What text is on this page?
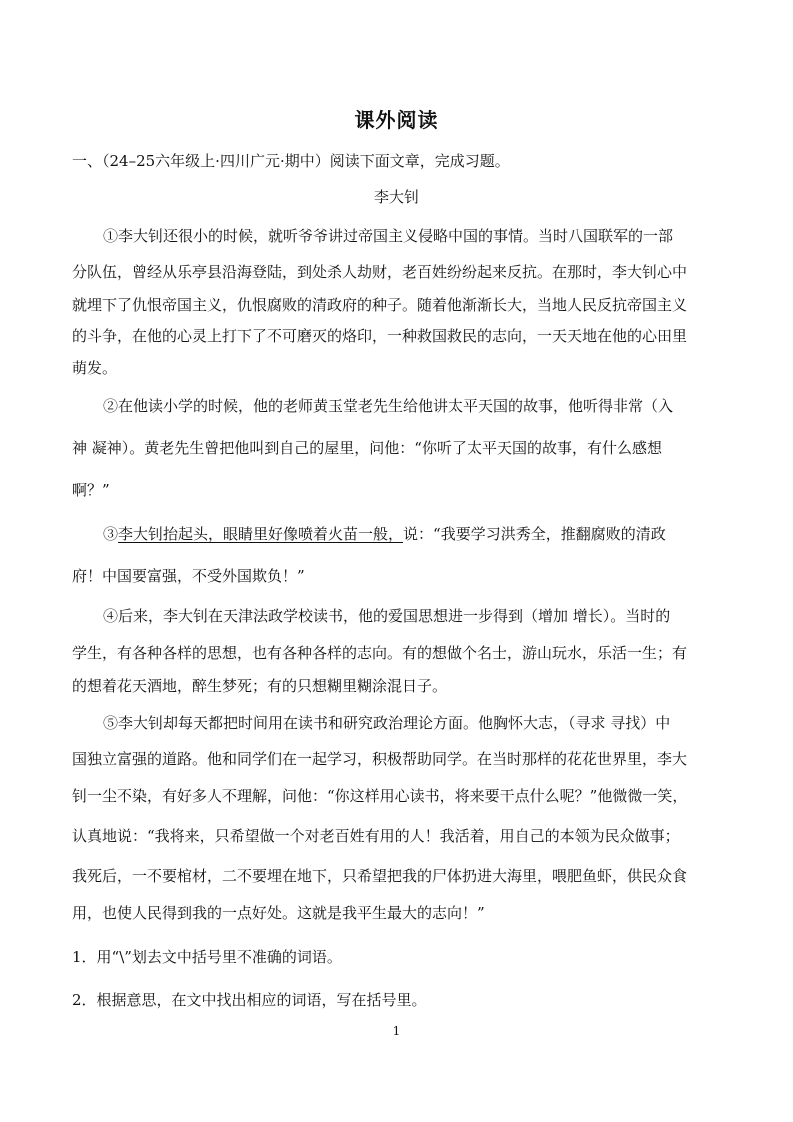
课外阅读
一、（24–25六年级上·四川广元·期中）阅读下面文章，完成习题。
李大钊
①李大钊还很小的时候，就听爷爷讲过帝国主义侵略中国的事情。当时八国联军的一部
分队伍，曾经从乐亭县沿海登陆，到处杀人劫财，老百姓纷纷起来反抗。在那时，李大钊心中
就埋下了仇恨帝国主义，仇恨腐败的清政府的种子。随着他渐渐长大，当地人民反抗帝国主义
的斗争，在他的心灵上打下了不可磨灭的烙印，一种救国救民的志向，一天天地在他的心田里
萌发。
②在他读小学的时候，他的老师黄玉堂老先生给他讲太平天国的故事，他听得非常（入
神 凝神）。黄老先生曾把他叫到自己的屋里，问他：“你听了太平天国的故事，有什么感想
啊？”
③李大钊抬起头，眼睛里好像喷着火苗一般，说：“我要学习洪秀全，推翻腐败的清政
府！中国要富强，不受外国欺负！”
④后来，李大钊在天津法政学校读书，他的爱国思想进一步得到（增加 增长）。当时的
学生，有各种各样的思想，也有各种各样的志向。有的想做个名士，游山玩水，乐活一生；有
的想着花天酒地，醉生梦死；有的只想糊里糊涂混日子。
⑤李大钊却每天都把时间用在读书和研究政治理论方面。他胸怀大志，（寻求 寻找）中
国独立富强的道路。他和同学们在一起学习，积极帮助同学。在当时那样的花花世界里，李大
钊一尘不染，有好多人不理解，问他：“你这样用心读书，将来要干点什么呢？”他微微一笑，
认真地说：“我将来，只希望做一个对老百姓有用的人！我活着，用自己的本领为民众做事；
我死后，一不要棺材，二不要埋在地下，只希望把我的尸体扔进大海里，喂肥鱼虾，供民众食
用，也使人民得到我的一点好处。这就是我平生最大的志向！”
1．用“\”划去文中括号里不准确的词语。
2．根据意思，在文中找出相应的词语，写在括号里。
1
